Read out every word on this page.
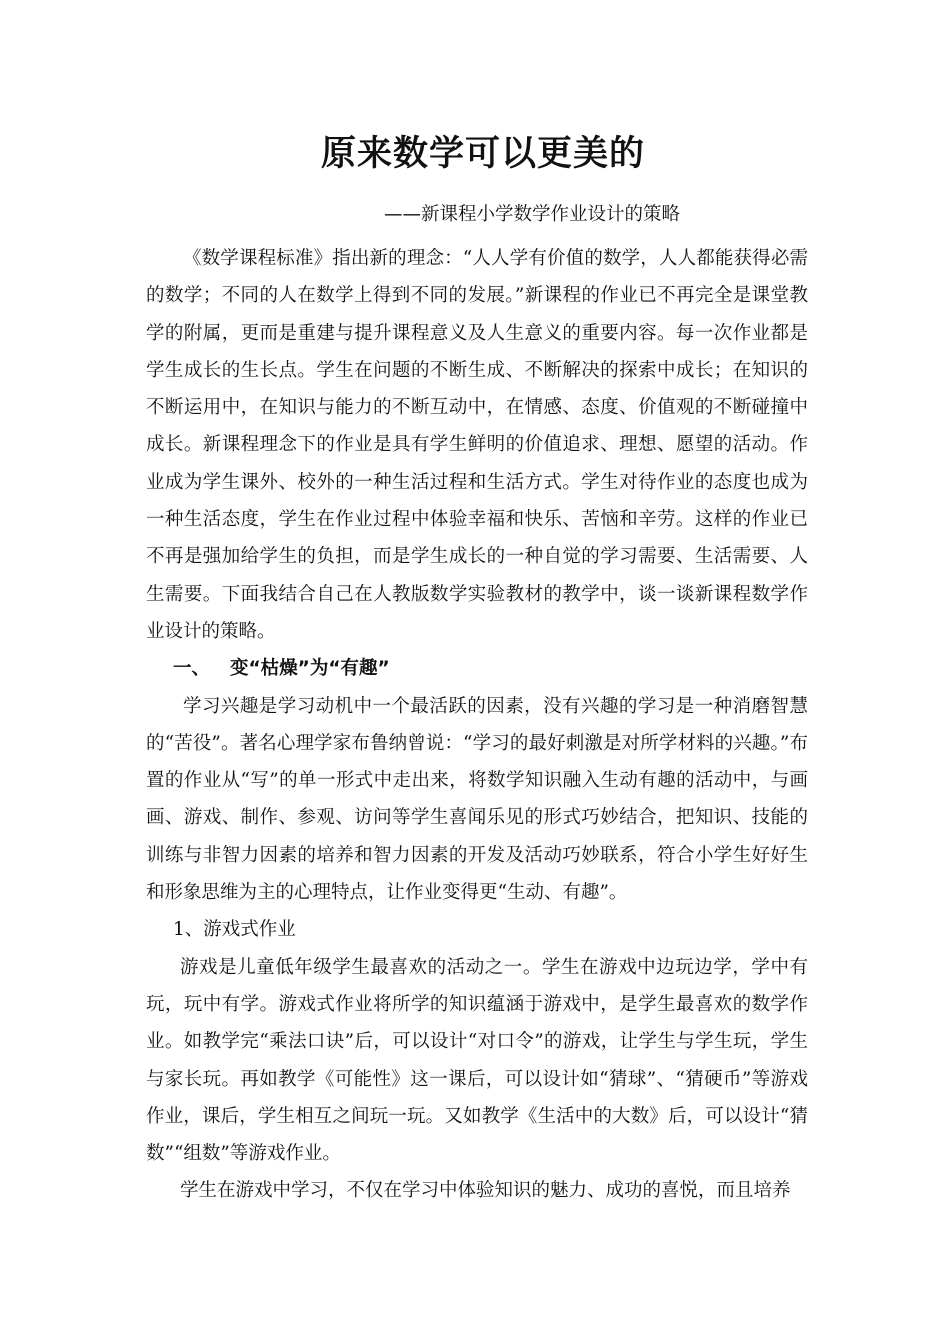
原来数学可以更美的

——新课程小学数学作业设计的策略

《数学课程标准》指出新的理念：“人人学有价值的数学，人人都能获得必需的数学；不同的人在数学上得到不同的发展。”新课程的作业已不再完全是课堂教学的附属，更而是重建与提升课程意义及人生意义的重要内容。每一次作业都是学生成长的生长点。学生在问题的不断生成、不断解决的探索中成长；在知识的不断运用中，在知识与能力的不断互动中，在情感、态度、价值观的不断碰撞中成长。新课程理念下的作业是具有学生鲜明的价值追求、理想、愿望的活动。作业成为学生课外、校外的一种生活过程和生活方式。学生对待作业的态度也成为一种生活态度，学生在作业过程中体验幸福和快乐、苦恼和辛劳。这样的作业已不再是强加给学生的负担，而是学生成长的一种自觉的学习需要、生活需要、人生需要。下面我结合自己在人教版数学实验教材的教学中，谈一谈新课程数学作业设计的策略。

一、 变“枯燥”为“有趣”

学习兴趣是学习动机中一个最活跃的因素，没有兴趣的学习是一种消磨智慧的“苦役”。著名心理学家布鲁纳曾说：“学习的最好刺激是对所学材料的兴趣。”布置的作业从“写”的单一形式中走出来，将数学知识融入生动有趣的活动中，与画画、游戏、制作、参观、访问等学生喜闻乐见的形式巧妙结合，把知识、技能的训练与非智力因素的培养和智力因素的开发及活动巧妙联系，符合小学生好好生和形象思维为主的心理特点，让作业变得更“生动、有趣”。

1、游戏式作业

游戏是儿童低年级学生最喜欢的活动之一。学生在游戏中边玩边学，学中有玩，玩中有学。游戏式作业将所学的知识蕴涵于游戏中，是学生最喜欢的数学作业。如教学完“乘法口诀”后，可以设计“对口令”的游戏，让学生与学生玩，学生与家长玩。再如教学《可能性》这一课后，可以设计如“猜球”、“猜硬币”等游戏作业，课后，学生相互之间玩一玩。又如教学《生活中的大数》后，可以设计“猜数”“组数”等游戏作业。

学生在游戏中学习，不仅在学习中体验知识的魅力、成功的喜悦，而且培养
